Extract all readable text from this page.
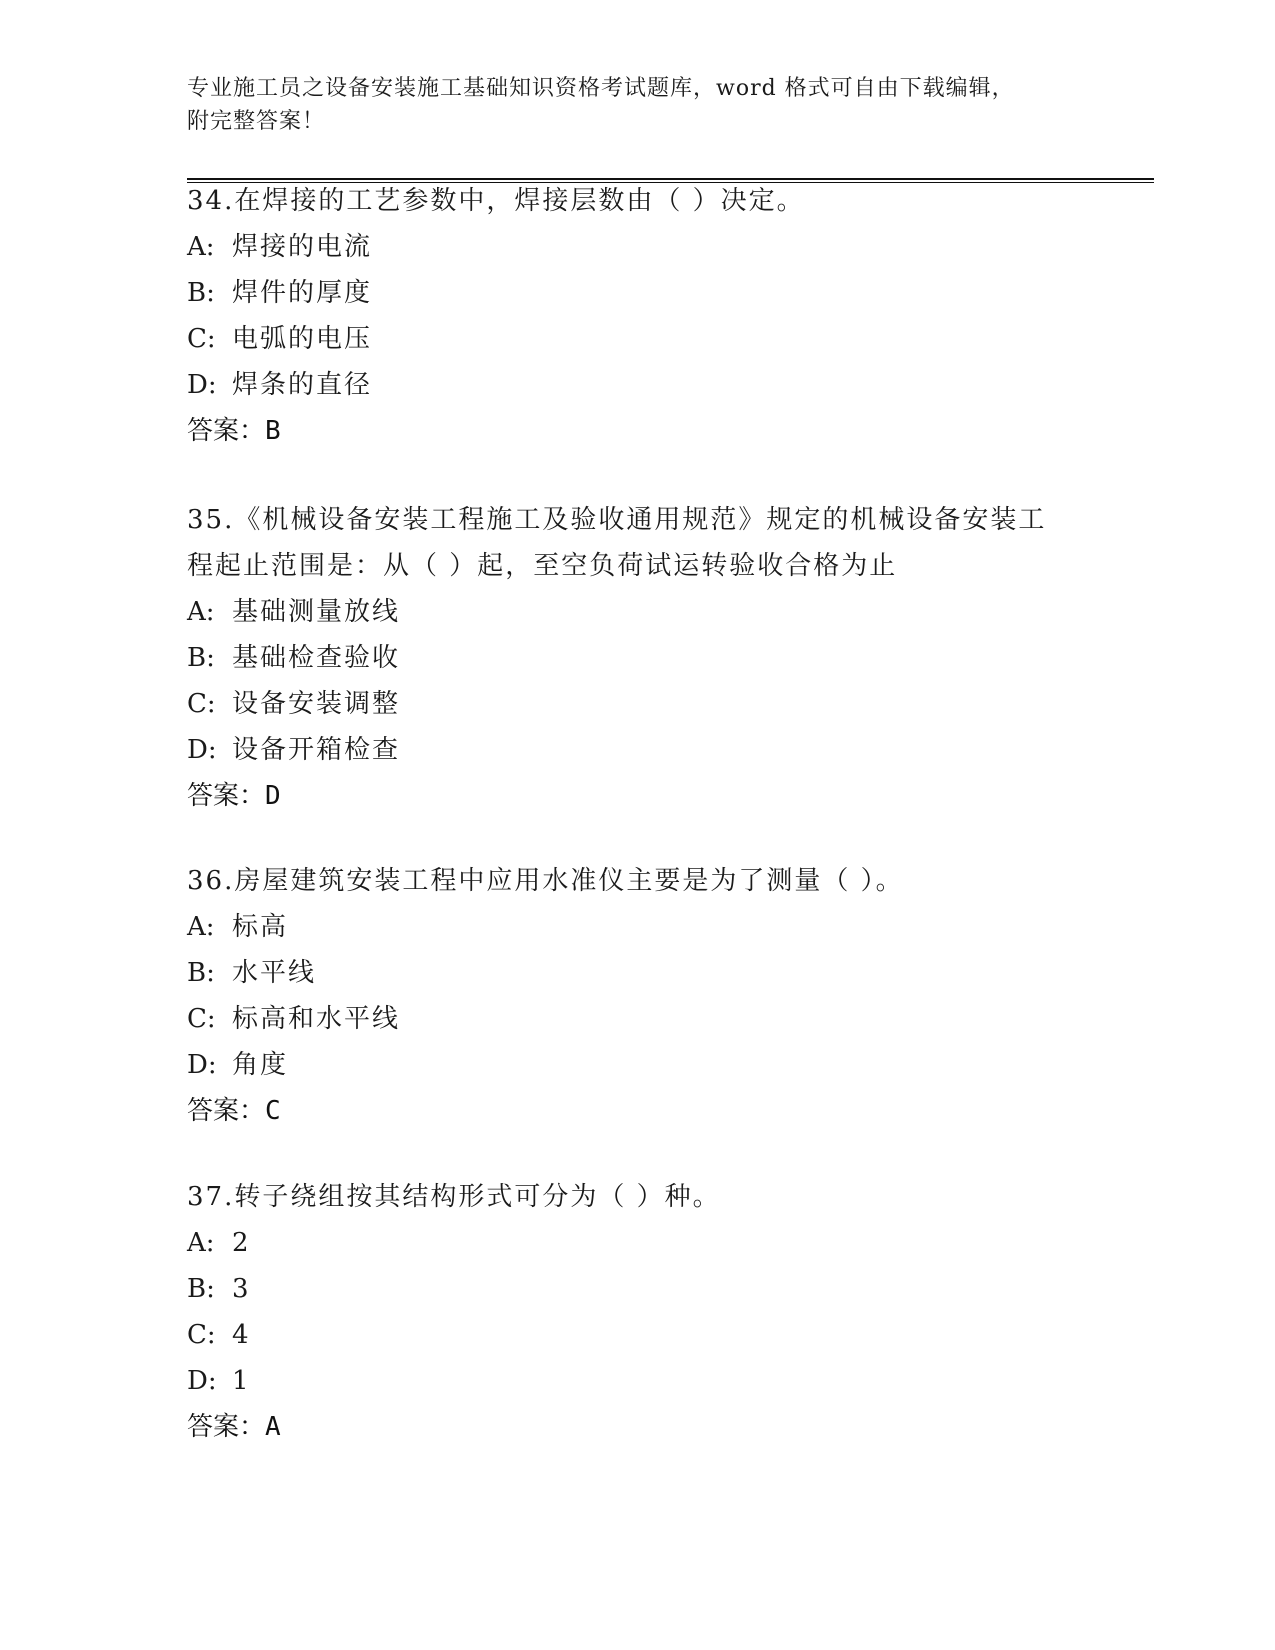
专业施工员之设备安装施工基础知识资格考试题库，word 格式可自由下载编辑，
附完整答案！

34.在焊接的工艺参数中，焊接层数由（ ）决定。

A: 焊接的电流

B: 焊件的厚度

C: 电弧的电压

D: 焊条的直径

答案：B

35.《机械设备安装工程施工及验收通用规范》规定的机械设备安装工
程起止范围是：从（ ）起，至空负荷试运转验收合格为止

A: 基础测量放线

B: 基础检查验收

C: 设备安装调整

D: 设备开箱检查

答案：D

36.房屋建筑安装工程中应用水准仪主要是为了测量（ ）。

A: 标高

B: 水平线

C: 标高和水平线

D: 角度

答案：C

37.转子绕组按其结构形式可分为（ ）种。

A: 2

B: 3

C: 4

D: 1

答案：A
